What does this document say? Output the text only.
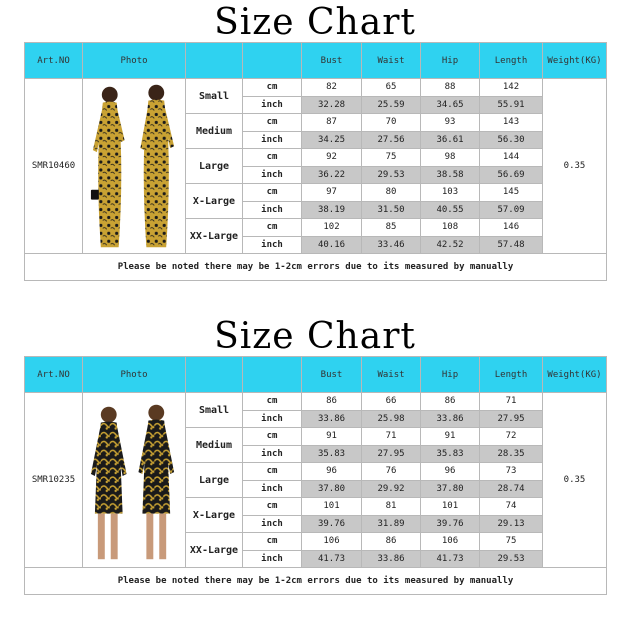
Size Chart
Art.NO	Photo			Bust	Waist	Hip	Length	Weight(KG)
SMR10460		Small	cm	82	65	88	142	0.35
			inch	32.28	25.59	34.65	55.91	
		Medium	cm	87	70	93	143	
			inch	34.25	27.56	36.61	56.30	
		Large	cm	92	75	98	144	
			inch	36.22	29.53	38.58	56.69	
		X-Large	cm	97	80	103	145	
			inch	38.19	31.50	40.55	57.09	
		XX-Large	cm	102	85	108	146	
			inch	40.16	33.46	42.52	57.48	
Please be noted there may be 1-2cm errors due to its measured by manually								
Size Chart
Art.NO	Photo			Bust	Waist	Hip	Length	Weight(KG)
SMR10235		Small	cm	86	66	86	71	0.35
			inch	33.86	25.98	33.86	27.95	
		Medium	cm	91	71	91	72	
			inch	35.83	27.95	35.83	28.35	
		Large	cm	96	76	96	73	
			inch	37.80	29.92	37.80	28.74	
		X-Large	cm	101	81	101	74	
			inch	39.76	31.89	39.76	29.13	
		XX-Large	cm	106	86	106	75	
			inch	41.73	33.86	41.73	29.53	
Please be noted there may be 1-2cm errors due to its measured by manually								
